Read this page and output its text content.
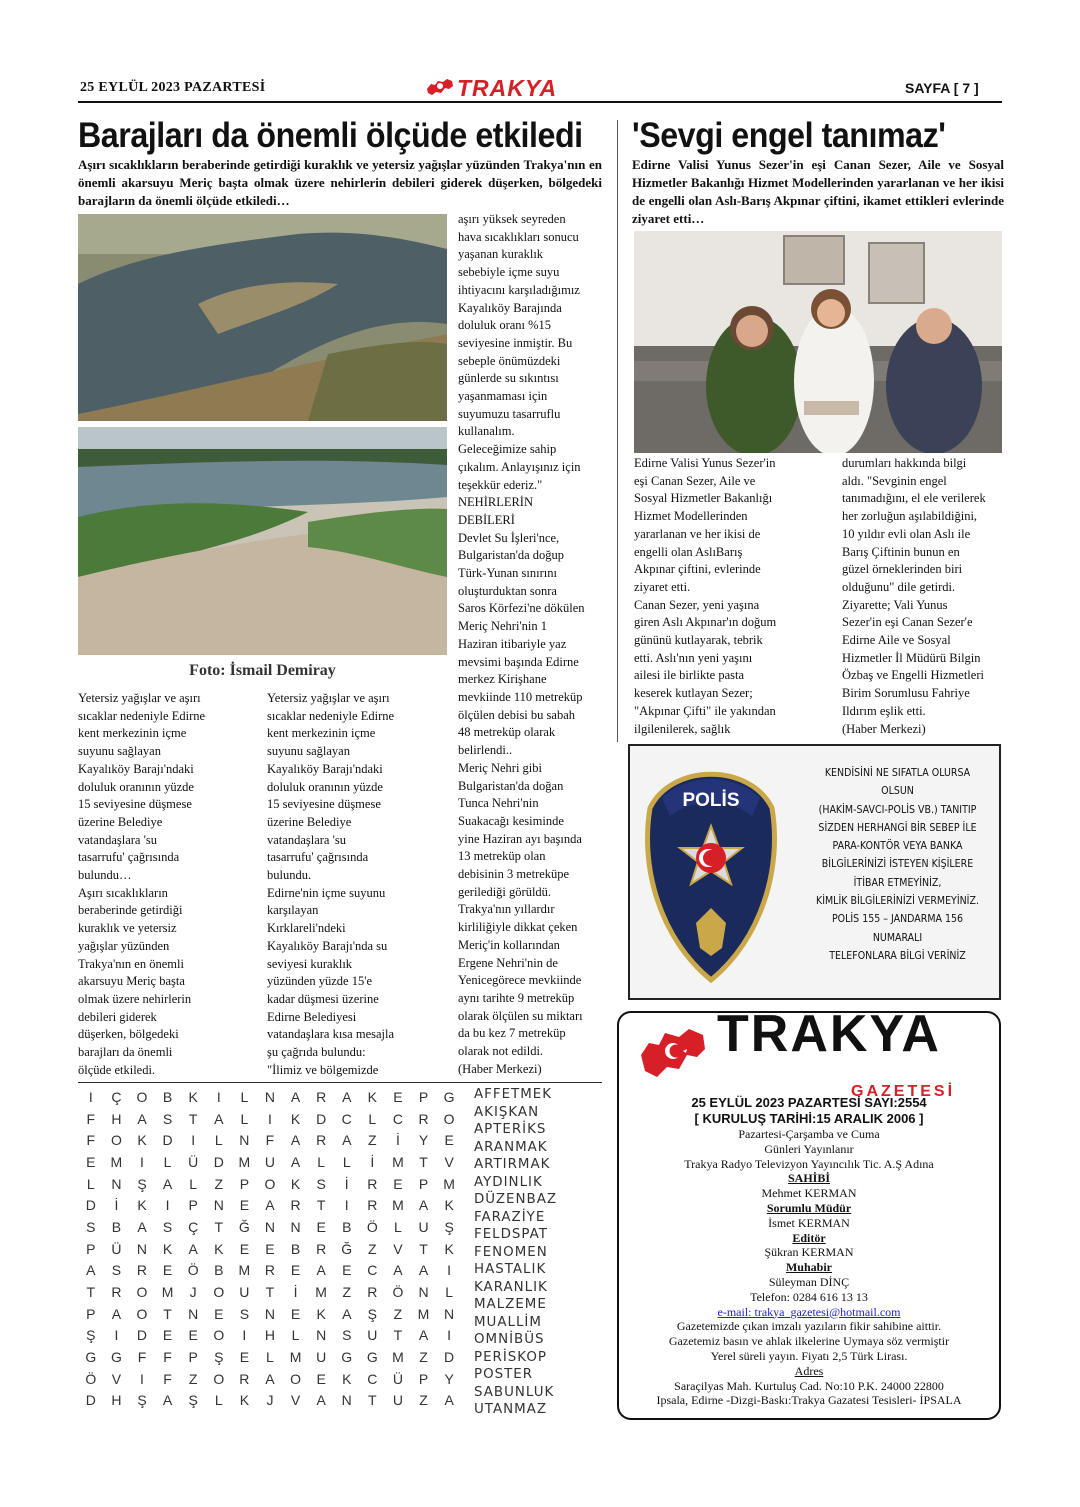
25 EYLÜL 2023 PAZARTESİ	TRAKYA	SAYFA [ 7 ]
Barajları da önemli ölçüde etkiledi
Aşırı sıcaklıkların beraberinde getirdiği kuraklık ve yetersiz yağışlar yüzünden Trakya'nın en önemli akarsuyu Meriç başta olmak üzere nehirlerin debileri giderek düşerken, bölgedeki barajların da önemli ölçüde etkiledi…
Foto: İsmail Demiray
Yetersiz yağışlar ve aşırı
sıcaklar nedeniyle Edirne
kent merkezinin içme
suyunu sağlayan
Kayalıköy Barajı'ndaki
doluluk oranının yüzde
15 seviyesine düşmese
üzerine Belediye
vatandaşlara 'su
tasarrufu' çağrısında
bulundu…
Aşırı sıcaklıkların
beraberinde getirdiği
kuraklık ve yetersiz
yağışlar yüzünden
Trakya'nın en önemli
akarsuyu Meriç başta
olmak üzere nehirlerin
debileri giderek
düşerken, bölgedeki
barajları da önemli
ölçüde etkiledi.
Yetersiz yağışlar ve aşırı
sıcaklar nedeniyle Edirne
kent merkezinin içme
suyunu sağlayan
Kayalıköy Barajı'ndaki
doluluk oranının yüzde
15 seviyesine düşmese
üzerine Belediye
vatandaşlara 'su
tasarrufu' çağrısında
bulundu.
Edirne'nin içme suyunu
karşılayan
Kırklareli'ndeki
Kayalıköy Barajı'nda su
seviyesi kuraklık
yüzünden yüzde 15'e
kadar düşmesi üzerine
Edirne Belediyesi
vatandaşlara kısa mesajla
şu çağrıda bulundu:
"İlimiz ve bölgemizde
aşırı yüksek seyreden
hava sıcaklıkları sonucu
yaşanan kuraklık
sebebiyle içme suyu
ihtiyacını karşıladığımız
Kayalıköy Barajında
doluluk oranı %15
seviyesine inmiştir. Bu
sebeple önümüzdeki
günlerde su sıkıntısı
yaşanmaması için
suyumuzu tasarruflu
kullanalım.
Geleceğimize sahip
çıkalım. Anlayışınız için
teşekkür ederiz."
NEHİRLERİN
DEBİLERİ
Devlet Su İşleri'nce,
Bulgaristan'da doğup
Türk-Yunan sınırını
oluşturduktan sonra
Saros Körfezi'ne dökülen
Meriç Nehri'nin 1
Haziran itibariyle yaz
mevsimi başında Edirne
merkez Kirişhane
mevkiinde 110 metreküp
ölçülen debisi bu sabah
48 metreküp olarak
belirlendi..
Meriç Nehri gibi
Bulgaristan'da doğan
Tunca Nehri'nin
Suakacağı kesiminde
yine Haziran ayı başında
13 metreküp olan
debisinin 3 metreküpe
gerilediği görüldü.
Trakya'nın yıllardır
kirliliğiyle dikkat çeken
Meriç'in kollarından
Ergene Nehri'nin de
Yenicegörece mevkiinde
aynı tarihte 9 metreküp
olarak ölçülen su miktarı
da bu kez 7 metreküp
olarak not edildi.
(Haber Merkezi)
'Sevgi engel tanımaz'
Edirne Valisi Yunus Sezer'in eşi Canan Sezer, Aile ve Sosyal Hizmetler Bakanlığı Hizmet Modellerinden yararlanan ve her ikisi de engelli olan Aslı-Barış Akpınar çiftini, ikamet ettikleri evlerinde ziyaret etti…
Edirne Valisi Yunus Sezer'in
eşi Canan Sezer, Aile ve
Sosyal Hizmetler Bakanlığı
Hizmet Modellerinden
yararlanan ve her ikisi de
engelli olan AslıBarış
Akpınar çiftini, evlerinde
ziyaret etti.
Canan Sezer, yeni yaşına
giren Aslı Akpınar'ın doğum
gününü kutlayarak, tebrik
etti. Aslı'nın yeni yaşını
ailesi ile birlikte pasta
keserek kutlayan Sezer;
"Akpınar Çifti" ile yakından
ilgilenilerek, sağlık
durumları hakkında bilgi
aldı. "Sevginin engel
tanımadığını, el ele verilerek
her zorluğun aşılabildiğini,
10 yıldır evli olan Aslı ile
Barış Çiftinin bunun en
güzel örneklerinden biri
olduğunu" dile getirdi.
Ziyarette; Vali Yunus
Sezer'in eşi Canan Sezer'e
Edirne Aile ve Sosyal
Hizmetler İl Müdürü Bilgin
Özbaş ve Engelli Hizmetleri
Birim Sorumlusu Fahriye
Ildırım eşlik etti.
(Haber Merkezi)
POLİS
KENDİSİNİ NE SIFATLA OLURSA
OLSUN
(HAKİM-SAVCI-POLİS VB.) TANITIP
SİZDEN HERHANGİ BİR SEBEP İLE
PARA-KONTÖR VEYA BANKA
BİLGİLERİNİZİ İSTEYEN KİŞİLERE
İTİBAR ETMEYİNİZ,
KİMLİK BİLGİLERİNİZİ VERMEYİNİZ.
POLİS 155 – JANDARMA 156
NUMARALI
TELEFONLARA BİLGİ VERİNİZ
I	Ç	O	B	K	I	L	N	A	R	A	K	E	P	G
F	H	A	S	T	A	L	I	K	D	C	L	C	R	O
F	O	K	D	I	L	N	F	A	R	A	Z	İ	Y	E
E	M	I	L	Ü	D	M	U	A	L	L	İ	M	T	V
L	N	Ş	A	L	Z	P	O	K	S	İ	R	E	P	M
D	İ	K	I	P	N	E	A	R	T	I	R	M	A	K
S	B	A	S	Ç	T	Ğ	N	N	E	B	Ö	L	U	Ş
P	Ü	N	K	A	K	E	E	B	R	Ğ	Z	V	T	K
A	S	R	E	Ö	B	M	R	E	A	E	C	A	A	I
T	R	O	M	J	O	U	T	İ	M	Z	R	Ö	N	L
P	A	O	T	N	E	S	N	E	K	A	Ş	Z	M	N
Ş	I	D	E	E	O	I	H	L	N	S	U	T	A	I
G	G	F	F	P	Ş	E	L	M	U	G	G	M	Z	D
Ö	V	I	F	Z	O	R	A	O	E	K	C	Ü	P	Y
D	H	Ş	A	Ş	L	K	J	V	A	N	T	U	Z	A
AFFETMEK
AKIŞKAN
APTERİKS
ARANMAK
ARTIRMAK
AYDINLIK
DÜZENBAZ
FARAZİYE
FELDSPAT
FENOMEN
HASTALIK
KARANLIK
MALZEME
MUALLİM
OMNİBÜS
PERİSKOP
POSTER
SABUNLUK
UTANMAZ
TRAKYA
GAZETESİ
25 EYLÜL 2023 PAZARTESİ SAYI:2554
[ KURULUŞ TARİHİ:15 ARALIK 2006 ]
Pazartesi-Çarşamba ve Cuma
Günleri Yayınlanır
Trakya Radyo Televizyon Yayıncılık Tic. A.Ş Adına
SAHİBİ
Mehmet KERMAN
Sorumlu Müdür
İsmet KERMAN
Editör
Şükran KERMAN
Muhabir
Süleyman DİNÇ
Telefon: 0284 616 13 13
e-mail: trakya_gazetesi@hotmail.com
Gazetemizde çıkan imzalı yazıların fikir sahibine aittir.
Gazetemiz basın ve ahlak ilkelerine Uymaya söz vermiştir
Yerel süreli yayın. Fiyatı 2,5 Türk Lirası.
Adres
Saraçilyas Mah. Kurtuluş Cad. No:10 P.K. 24000 22800
Ipsala, Edirne -Dizgi-Baskı:Trakya Gazatesi Tesisleri- İPSALA
